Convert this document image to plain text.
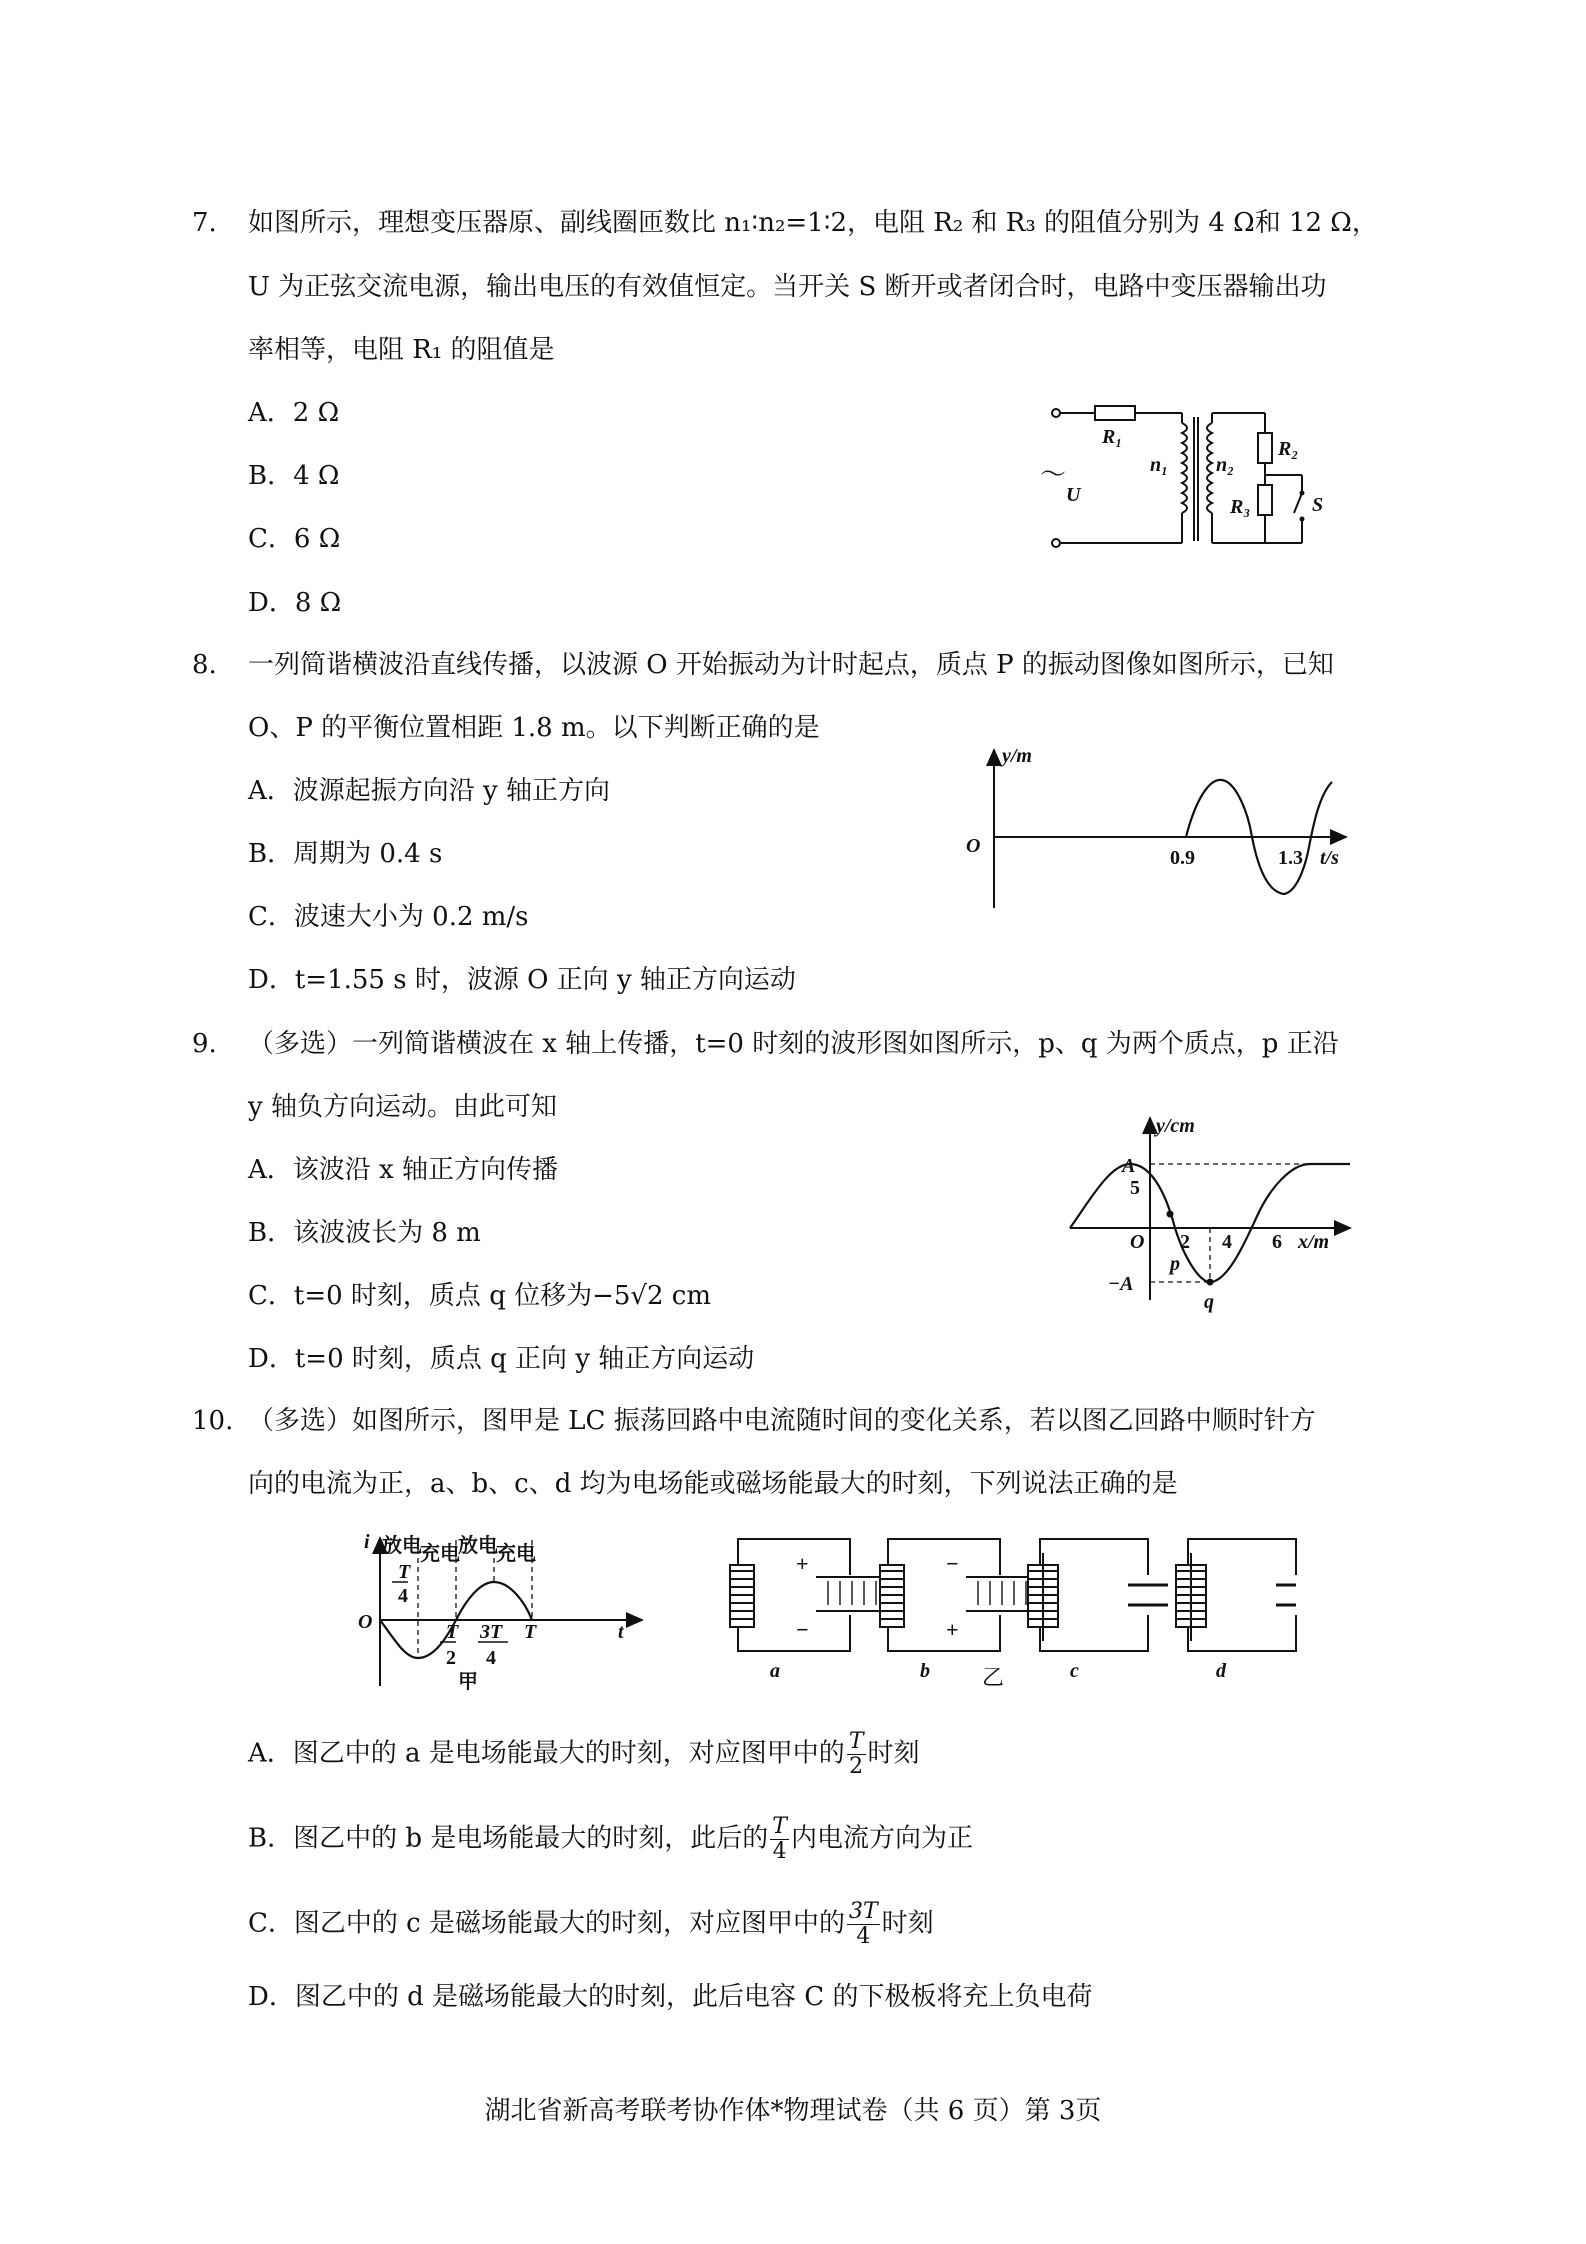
7. 如图所示，理想变压器原、副线圈匝数比 n₁∶n₂=1∶2，电阻 R₂ 和 R₃ 的阻值分别为 4 Ω和 12 Ω，
U 为正弦交流电源，输出电压的有效值恒定。当开关 S 断开或者闭合时，电路中变压器输出功
率相等，电阻 R₁ 的阻值是
A．2 Ω
B．4 Ω
C．6 Ω
D．8 Ω
R₁
n₁ n₂
R₂
R₃	S
U
～
8. 一列简谐横波沿直线传播，以波源 O 开始振动为计时起点，质点 P 的振动图像如图所示，已知
O、P 的平衡位置相距 1.8 m。以下判断正确的是
A．波源起振方向沿 y 轴正方向
B．周期为 0.4 s
C．波速大小为 0.2 m/s
D．t=1.55 s 时，波源 O 正向 y 轴正方向运动
y/m
O
0.9	1.3 t/s
9. （多选）一列简谐横波在 x 轴上传播，t=0 时刻的波形图如图所示，p、q 为两个质点，p 正沿
y 轴负方向运动。由此可知
A．该波沿 x 轴正方向传播
B．该波波长为 8 m
C．t=0 时刻，质点 q 位移为−5√2 cm
D．t=0 时刻，质点 q 正向 y 轴正方向运动
y/cm
A
5
O 2 4 6 x/m
p
−A
q
10. （多选）如图所示，图甲是 LC 振荡回路中电流随时间的变化关系，若以图乙回路中顺时针方
向的电流为正，a、b、c、d 均为电场能或磁场能最大的时刻，下列说法正确的是
i
O
放电
充电
放电
充电
T
4
T
2
3T
4
T	t
甲
+
−
−
+
a	b	c	d
乙
A．图乙中的 a 是电场能最大的时刻，对应图甲中的 $\frac{T}{2}$ 时刻
B．图乙中的 b 是电场能最大的时刻，此后的 $\frac{T}{4}$ 内电流方向为正
C．图乙中的 c 是磁场能最大的时刻，对应图甲中的 $\frac{3T}{4}$ 时刻
D．图乙中的 d 是磁场能最大的时刻，此后电容 C 的下极板将充上负电荷
湖北省新高考联考协作体*物理试卷（共 6 页）第 3页
